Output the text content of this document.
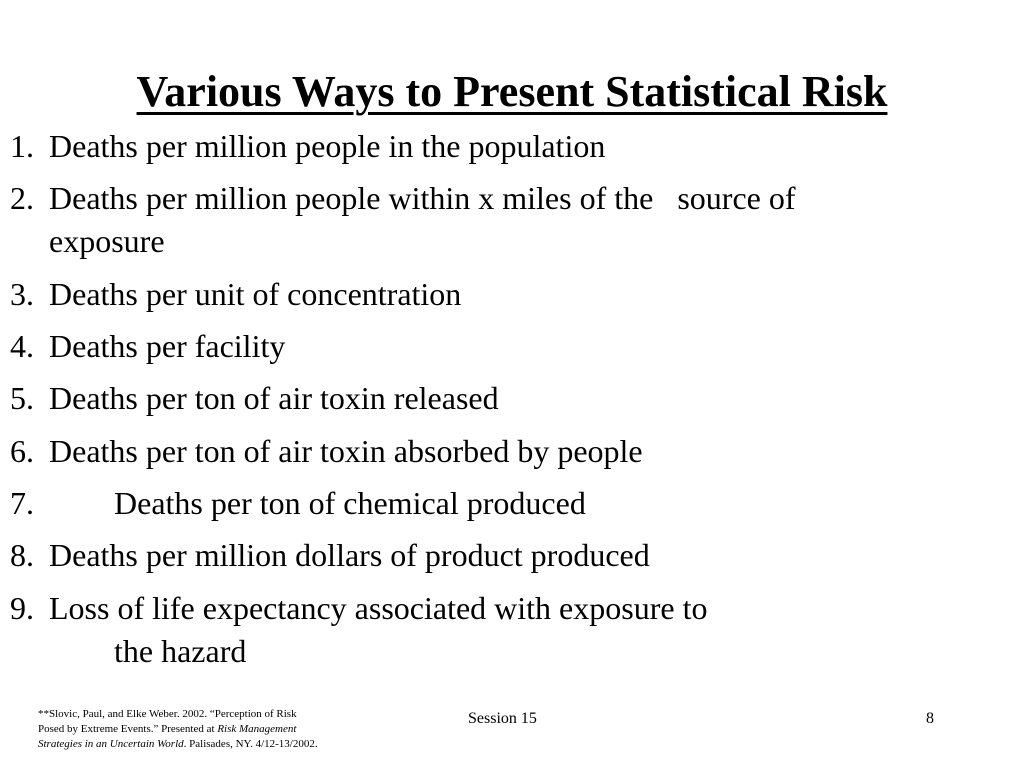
Various Ways to Present Statistical Risk
1. Deaths per million people in the population
2. Deaths per million people within x miles of the   source of
exposure
3. Deaths per unit of concentration
4. Deaths per facility
5. Deaths per ton of air toxin released
6. Deaths per ton of air toxin absorbed by people
7.	Deaths per ton of chemical produced
8. Deaths per million dollars of product produced
9. Loss of life expectancy associated with exposure to
the hazard
**Slovic, Paul, and Elke Weber. 2002. “Perception of Risk
Posed by Extreme Events.” Presented at Risk Management
Strategies in an Uncertain World. Palisades, NY. 4/12-13/2002.
Session 15	8
